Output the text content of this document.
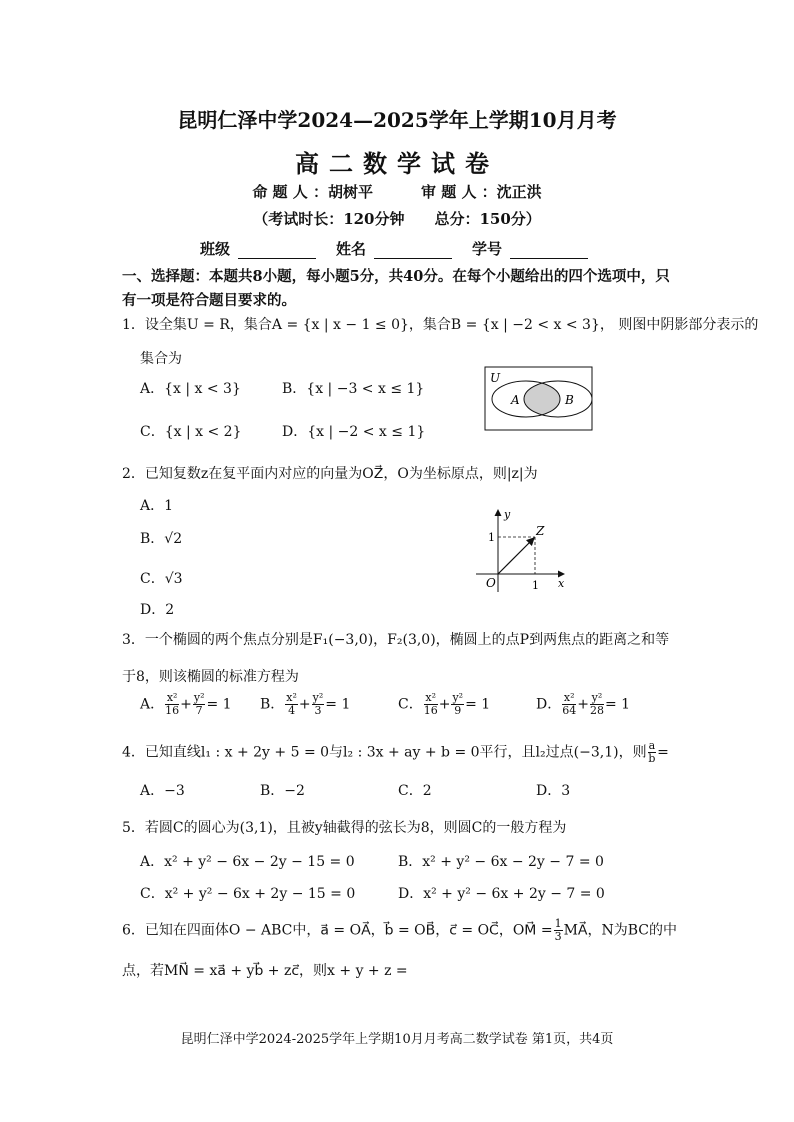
昆明仁泽中学2024—2025学年上学期10月月考
高二数学试卷
命 题 人 ：胡树平	审 题 人 ：沈正洪
（考试时长：120分钟　　总分：150分）
班级	姓名	学号
一、选择题：本题共8小题，每小题5分，共40分。在每个小题给出的四个选项中，只
有一项是符合题目要求的。
1．设全集U = R，集合A = {x | x − 1 ≤ 0}，集合B = {x | −2 < x < 3}， 则图中阴影部分表示的
集合为
A．{x | x < 3}	B．{x | −3 < x ≤ 1}
C．{x | x < 2}	D．{x | −2 < x ≤ 1}
U
A	B
2．已知复数z在复平面内对应的向量为OZ⃗，O为坐标原点，则|z|为
A．1
B．√2
C．√3
D．2
y
x
O
Z
1
1
3．一个椭圆的两个焦点分别是F₁(−3,0)，F₂(3,0)，椭圆上的点P到两焦点的距离之和等
于8，则该椭圆的标准方程为
A． $\frac{\text{x²}}{16} + \frac{\text{y²}}{7} = 1$ B． $\frac{\text{x²}}{4} + \frac{\text{y²}}{3} = 1$	C． $\frac{\text{x²}}{16} + \frac{\text{y²}}{9} = 1$	D． $\frac{\text{x²}}{64} + \frac{\text{y²}}{28} = 1$
4．已知直线l₁ : x + 2y + 5 = 0与l₂ : 3x + ay + b = 0平行，且l₂过点(−3,1)，则 $\frac{a}{b}$ =
A．−3	B．−2	C．2	D．3
5．若圆C的圆心为(3,1)，且被y轴截得的弦长为8，则圆C的一般方程为
A．x² + y² − 6x − 2y − 15 = 0	B．x² + y² − 6x − 2y − 7 = 0
C．x² + y² − 6x + 2y − 15 = 0	D．x² + y² − 6x + 2y − 7 = 0
6．已知在四面体O − ABC中，a⃗ = OA⃗，b⃗ = OB⃗，c⃗ = OC⃗，OM⃗ = $\frac{1}{3}$ MA⃗，N为BC的中
点，若MN⃗ = xa⃗ + yb⃗ + zc⃗，则x + y + z =
昆明仁泽中学2024-2025学年上学期10月月考高二数学试卷 第1页，共4页
